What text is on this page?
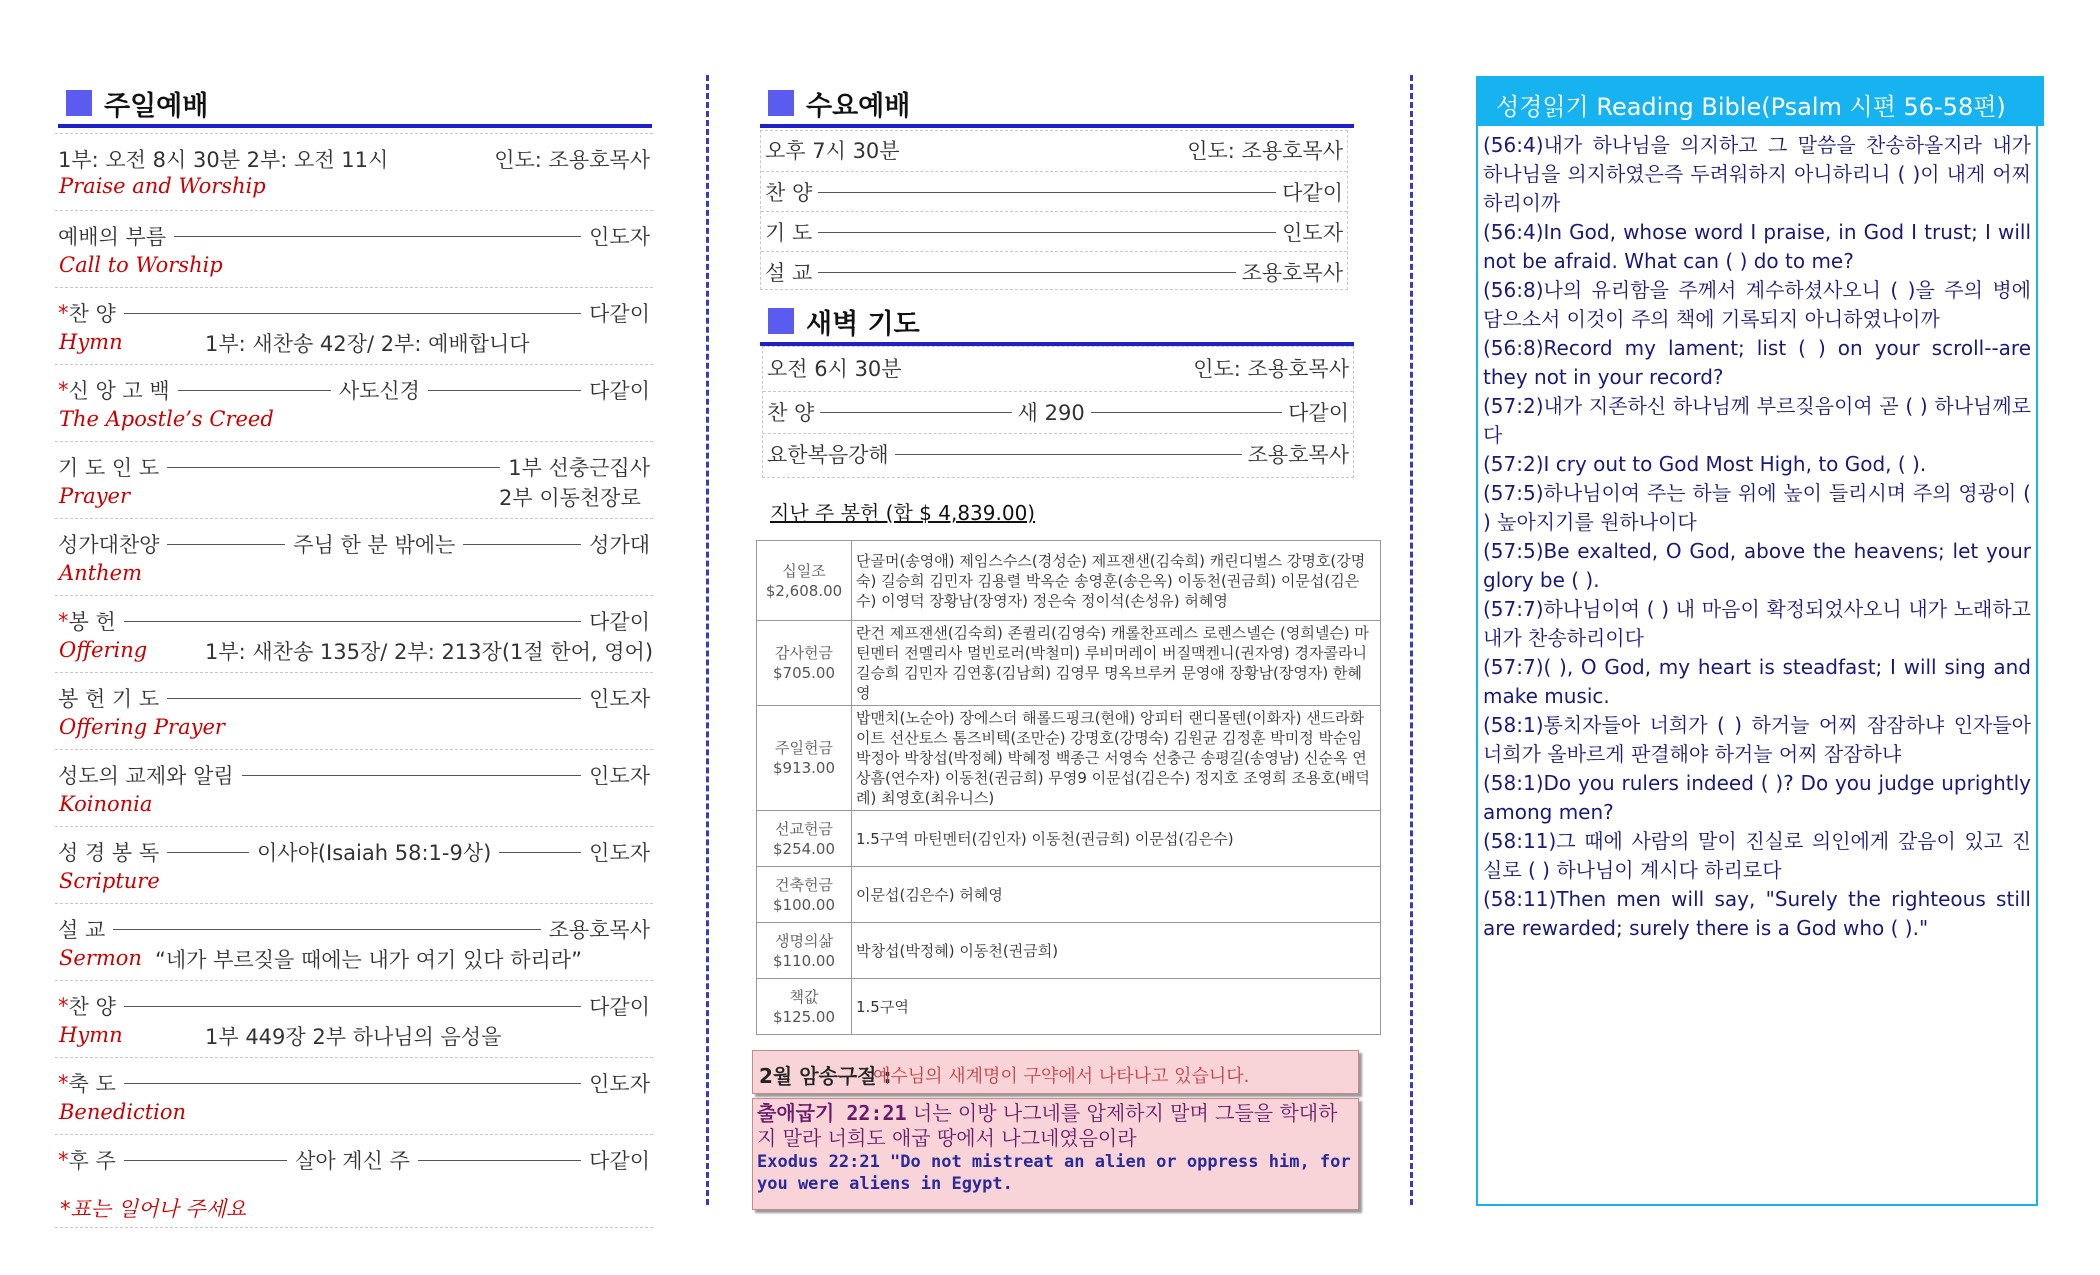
주일예배
1부: 오전 8시 30분 2부: 오전 11시	인도: 조용호목사
Praise and Worship
예배의 부름	인도자
Call to Worship
* 찬 양	다같이
Hymn	1부: 새찬송 42장/ 2부: 예배합니다
* 신 앙 고 백	사도신경	다같이
The Apostle’s Creed
기 도 인 도	1부 선충근집사
Prayer	2부 이동천장로
성가대찬양	주님 한 분 밖에는	성가대
Anthem
* 봉 헌	다같이
Offering	1부: 새찬송 135장/ 2부: 213장(1절 한어, 영어)
봉 헌 기 도	인도자
Offering Prayer
성도의 교제와 알림	인도자
Koinonia
성 경 봉 독	이사야(Isaiah 58:1-9상)	인도자
Scripture
설 교	조용호목사
Sermon “네가 부르짖을 때에는 내가 여기 있다 하리라”
* 찬 양	다같이
Hymn	1부 449장 2부 하나님의 음성을
* 축 도	인도자
Benediction
* 후 주	살아 계신 주	다같이
*표는 일어나 주세요
수요예배
오후 7시 30분	인도: 조용호목사
찬 양	다같이
기 도	인도자
설 교	조용호목사
새벽 기도
오전 6시 30분	인도: 조용호목사
찬 양	새 290	다같이
요한복음강해	조용호목사
지난 주 봉헌 (합 $ 4,839.00)
십일조
$2,608.00	단골머(송영애) 제임스수스(경성순) 제프잰샌(김숙희) 캐린디벌스 강명호(강명숙) 길승희 김민자 김용렬 박옥순 송영훈(송은옥) 이동천(권금희) 이문섭(김은수) 이영덕 장황남(장영자) 정은숙 정이석(손성유) 허혜영

감사헌금
$705.00	란건 제프잰샌(김숙희) 존퀼리(김영숙) 캐롤찬프레스 로렌스넬슨 (영희넬슨) 마틴멘터 전멜리사 멀빈로러(박철미) 루비머레이 버질맥켄니(권자영) 경자콜라니 길승희 김민자 김연홍(김남희) 김영무 명옥브루커 문영애 장황남(장영자) 한혜영

주일헌금
$913.00	밥맨치(노순아) 장에스더 해롤드핑크(현애) 앙피터 랜디몰텐(이화자) 샌드라화이트 선산토스 톰즈비텍(조만순) 강명호(강명숙) 김원균 김정훈 박미정 박순임 박정아 박창섭(박정혜) 박혜정 백종근 서영숙 선충근 송평길(송영남) 신순옥 연상흠(연수자) 이동천(권금희) 무영9 이문섭(김은수) 정지호 조영희 조용호(배덕례) 최영호(최유니스)

선교헌금
$254.00	1.5구역 마틴멘터(김인자) 이동천(권금희) 이문섭(김은수)

건축헌금
$100.00	이문섭(김은수) 허혜영

생명의삶
$110.00	박창섭(박정혜) 이동천(권금희)

책값
$125.00	1.5구역
2월 암송구절 :
예수님의 새계명이 구약에서 나타나고 있습니다.
출애굽기 22:21 너는 이방 나그네를 압제하지 말며 그들을 학대하지 말라 너희도 애굽 땅에서 나그네였음이라
Exodus 22:21 "Do not mistreat an alien or oppress him, for you were aliens in Egypt.
성경읽기 Reading Bible(Psalm 시편 56-58편)

(56:4)내가 하나님을 의지하고 그 말씀을 찬송하올지라 내가 하나님을 의지하였은즉 두려워하지 아니하리니 ( )이 내게 어찌하리이까

(56:4)In God, whose word I praise, in God I trust; I will not be afraid. What can ( ) do to me?

(56:8)나의 유리함을 주께서 계수하셨사오니 ( )을 주의 병에 담으소서 이것이 주의 책에 기록되지 아니하였나이까

(56:8)Record my lament; list ( ) on your scroll--are they not in your record?

(57:2)내가 지존하신 하나님께 부르짖음이여 곧 ( ) 하나님께로다

(57:2)I cry out to God Most High, to God, ( ).

(57:5)하나님이여 주는 하늘 위에 높이 들리시며 주의 영광이 ( ) 높아지기를 원하나이다

(57:5)Be exalted, O God, above the heavens; let your glory be ( ).

(57:7)하나님이여 ( ) 내 마음이 확정되었사오니 내가 노래하고 내가 찬송하리이다

(57:7)( ), O God, my heart is steadfast; I will sing and make music.

(58:1)통치자들아 너희가 ( ) 하거늘 어찌 잠잠하냐 인자들아 너희가 올바르게 판결해야 하거늘 어찌 잠잠하냐

(58:1)Do you rulers indeed ( )? Do you judge uprightly among men?

(58:11)그 때에 사람의 말이 진실로 의인에게 갚음이 있고 진실로 ( ) 하나님이 계시다 하리로다

(58:11)Then men will say, "Surely the righteous still are rewarded; surely there is a God who ( )."
